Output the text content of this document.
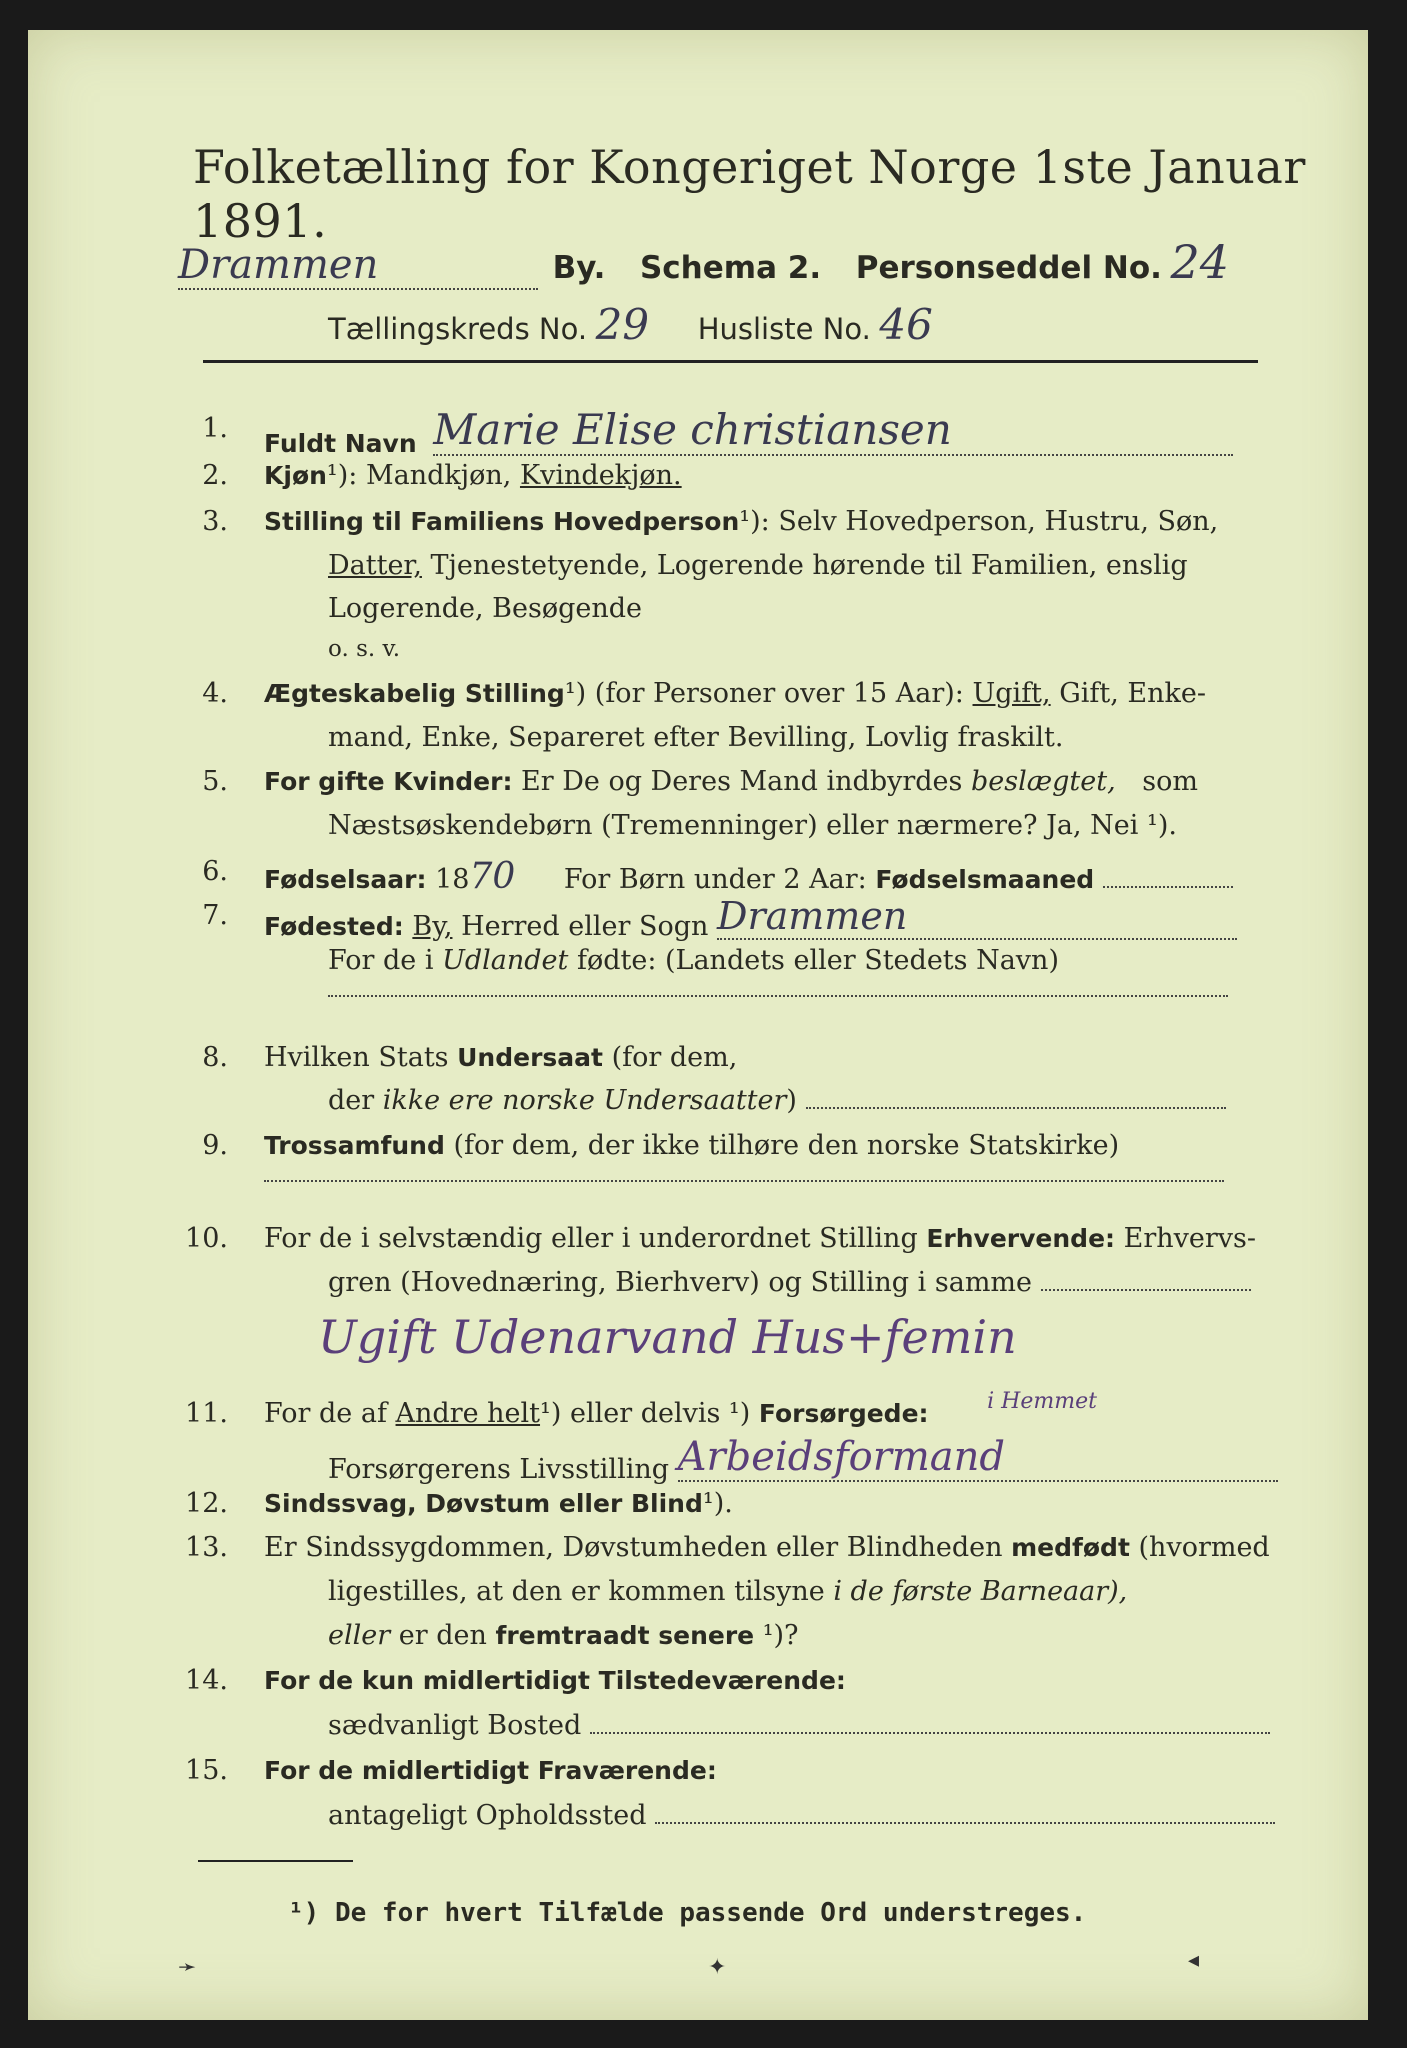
Folketælling for Kongeriget Norge 1ste Januar 1891.
Drammen	By. Schema 2. Personseddel No. 24
Tællingskreds No. 29 Husliste No. 46
1. Fuldt Navn Marie Elise christiansen
2. Kjøn¹): Mandkjøn, Kvindekjøn.
3. Stilling til Familiens Hovedperson¹): Selv Hovedperson, Hustru, Søn,
Datter, Tjenestetyende, Logerende hørende til Familien, enslig
Logerende, Besøgende
o. s. v.
4. Ægteskabelig Stilling¹) (for Personer over 15 Aar): Ugift, Gift, Enke-
mand, Enke, Separeret efter Bevilling, Lovlig fraskilt.
5. For gifte Kvinder: Er De og Deres Mand indbyrdes beslægtet, som
Næstsøskendebørn (Tremenninger) eller nærmere? Ja, Nei ¹).
6. Fødselsaar: 1870 For Børn under 2 Aar: Fødselsmaaned
7. Fødested: By, Herred eller Sogn Drammen
For de i Udlandet fødte: (Landets eller Stedets Navn)
8. Hvilken Stats Undersaat (for dem,
der ikke ere norske Undersaatter)
9. Trossamfund (for dem, der ikke tilhøre den norske Statskirke)
10. For de i selvstændig eller i underordnet Stilling Erhvervende: Erhvervs-
gren (Hovednæring, Bierhverv) og Stilling i samme
Ugift Udenarvand Hus+femin
11. For de af Andre helt¹) eller delvis ¹) Forsørgede:	$^{i Hemmet}$
Forsørgerens Livsstilling Arbeidsformand
12. Sindssvag, Døvstum eller Blind¹).
13. Er Sindssygdommen, Døvstumheden eller Blindheden medfødt (hvormed
ligestilles, at den er kommen tilsyne i de første Barneaar),
eller er den fremtraadt senere ¹)?
14. For de kun midlertidigt Tilstedeværende:
sædvanligt Bosted
15. For de midlertidigt Fraværende:
antageligt Opholdssted
¹) De for hvert Tilfælde passende Ord understreges.
➛	✦	◂
